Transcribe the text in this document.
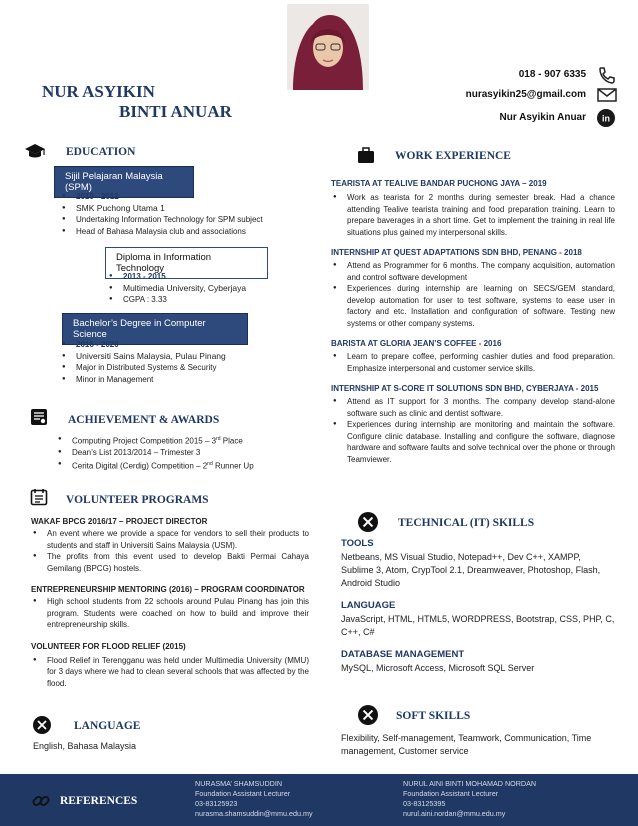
NUR ASYIKIN
BINTI ANUAR
018 - 907 6335
nurasyikin25@gmail.com
Nur Asyikin Anuar in
EDUCATION
Sijil Pelajaran Malaysia (SPM)
● 2010 - 2012
● SMK Puchong Utama 1
● Undertaking Information Technology for SPM subject
● Head of Bahasa Malaysia club and associations
Diploma in Information Technology
● 2013 - 2015
● Multimedia University, Cyberjaya
● CGPA : 3.33
Bachelor’s Degree in Computer Science
● 2016 - 2020
● Universiti Sains Malaysia, Pulau Pinang
● Major in Distributed Systems & Security
● Minor in Management
ACHIEVEMENT & AWARDS
● Computing Project Competition 2015 – 3rd Place
● Dean’s List 2013/2014 – Trimester 3
● Cerita Digital (Cerdig) Competition – 2nd Runner Up
VOLUNTEER PROGRAMS
WAKAF BPCG 2016/17 – PROJECT DIRECTOR
● An event where we provide a space for vendors to sell their products to students and staff in Universiti Sains Malaysia (USM).
● The profits from this event used to develop Bakti Permai Cahaya Gemilang (BPCG) hostels.
ENTREPRENEURSHIP MENTORING (2016) – PROGRAM COORDINATOR
● High school students from 22 schools around Pulau Pinang has join this program. Students were coached on how to build and improve their entrepreneurship skills.
VOLUNTEER FOR FLOOD RELIEF (2015)
● Flood Relief in Terengganu was held under Multimedia University (MMU) for 3 days where we had to clean several schools that was affected by the flood.
LANGUAGE
English, Bahasa Malaysia
WORK EXPERIENCE
TEARISTA AT TEALIVE BANDAR PUCHONG JAYA – 2019
● Work as tearista for 2 months during semester break. Had a chance attending Tealive tearista training and food preparation training. Learn to prepare baverages in a short time. Get to implement the training in real life situations plus gained my interpersonal skills.
INTERNSHIP AT QUEST ADAPTATIONS SDN BHD, PENANG - 2018
● Attend as Programmer for 6 months. The company acquisition, automation and control software development
● Experiences during internship are learning on SECS/GEM standard, develop automation for user to test software, systems to ease user in factory and etc. Installation and configuration of software. Testing new systems or other company systems.
BARISTA AT GLORIA JEAN’S COFFEE - 2016
● Learn to prepare coffee, performing cashier duties and food preparation. Emphasize interpersonal and customer service skills.
INTERNSHIP AT S-CORE IT SOLUTIONS SDN BHD, CYBERJAYA - 2015
● Attend as IT support for 3 months. The company develop stand-alone software such as clinic and dentist software.
● Experiences during internship are monitoring and maintain the software. Configure clinic database. Installing and configure the software, diagnose hardware and software faults and solve technical over the phone or through Teamviewer.
TECHNICAL (IT) SKILLS
TOOLS
Netbeans, MS Visual Studio, Notepad++, Dev C++, XAMPP, Sublime 3, Atom, CrypTool 2.1, Dreamweaver, Photoshop, Flash, Android Studio
LANGUAGE
JavaScript, HTML, HTML5, WORDPRESS, Bootstrap, CSS, PHP, C, C++, C#
DATABASE MANAGEMENT
MySQL, Microsoft Access, Microsoft SQL Server
SOFT SKILLS
Flexibility, Self-management, Teamwork, Communication, Time management, Customer service
REFERENCES
NURASMA’ SHAMSUDDIN
Foundation Assistant Lecturer
03-83125923
nurasma.shamsuddin@mmu.edu.my
NURUL AINI BINTI MOHAMAD NORDAN
Foundation Assistant Lecturer
03-83125395
nurul.aini.nordan@mmu.edu.my
